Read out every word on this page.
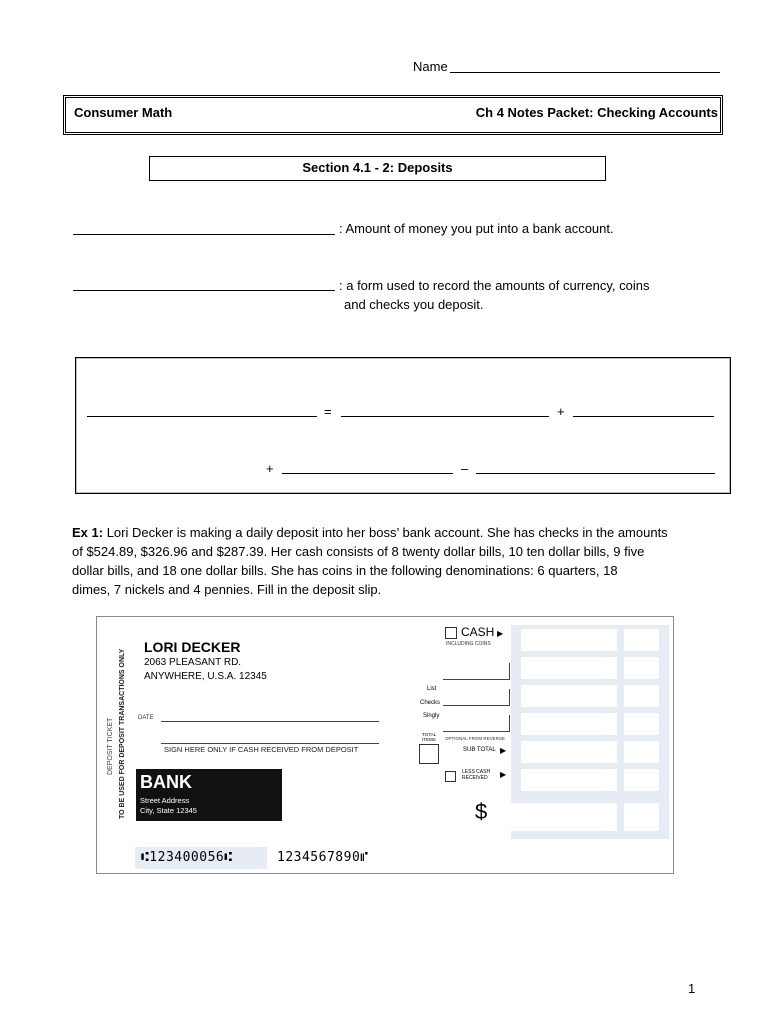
Name
Consumer Math	Ch 4 Notes Packet: Checking Accounts
Section 4.1 - 2: Deposits
: Amount of money you put into a bank account.
: a form used to record the amounts of currency, coins
and checks you deposit.
=	+
+	–
Ex 1: Lori Decker is making a daily deposit into her boss’ bank account. She has checks in the amounts
of $524.89, $326.96 and $287.39. Her cash consists of 8 twenty dollar bills, 10 ten dollar bills, 9 five
dollar bills, and 18 one dollar bills. She has coins in the following denominations: 6 quarters, 18
dimes, 7 nickels and 4 pennies. Fill in the deposit slip.
DEPOSIT TICKET TO BE USED FOR DEPOSIT TRANSACTIONS ONLY
LORI DECKER
2063 PLEASANT RD.
ANYWHERE, U.S.A. 12345
DATE
SIGN HERE ONLY IF CASH RECEIVED FROM DEPOSIT
BANK
Street Address
City, State 12345
⑆123400056⑆	1234567890⑈
CASH ▶
INCLUDING COINS
List
Checks
Singly
TOTAL ITEMS	OPTIONAL FROM REVERSE
SUB TOTAL ▶
LESS CASH RECEIVED	▶
$
1
